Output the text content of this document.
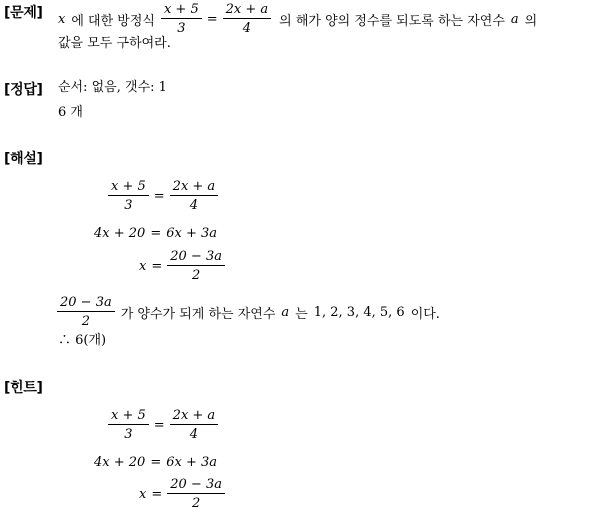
[문제] x 에 대한 방정식 $\frac{x + 5}{3} = \frac{2x + a}{4}$ 의 해가 양의 정수를 되도록 하는 자연수 a 의
값을 모두 구하여라.
[정답] 순서: 없음, 갯수: 1
6 개
[해설]
$\frac{x + 5}{3} = \frac{2x + a}{4}$
4x + 20 = 6x + 3a
$x = \frac{20 - 3a}{2}$
$\frac{20 - 3a}{2}$ 가 양수가 되게 하는 자연수 a 는 1, 2, 3, 4, 5, 6 이다.
∴ 6(개)
[힌트]
$\frac{x + 5}{3} = \frac{2x + a}{4}$
4x + 20 = 6x + 3a
$x = \frac{20 - 3a}{2}$
